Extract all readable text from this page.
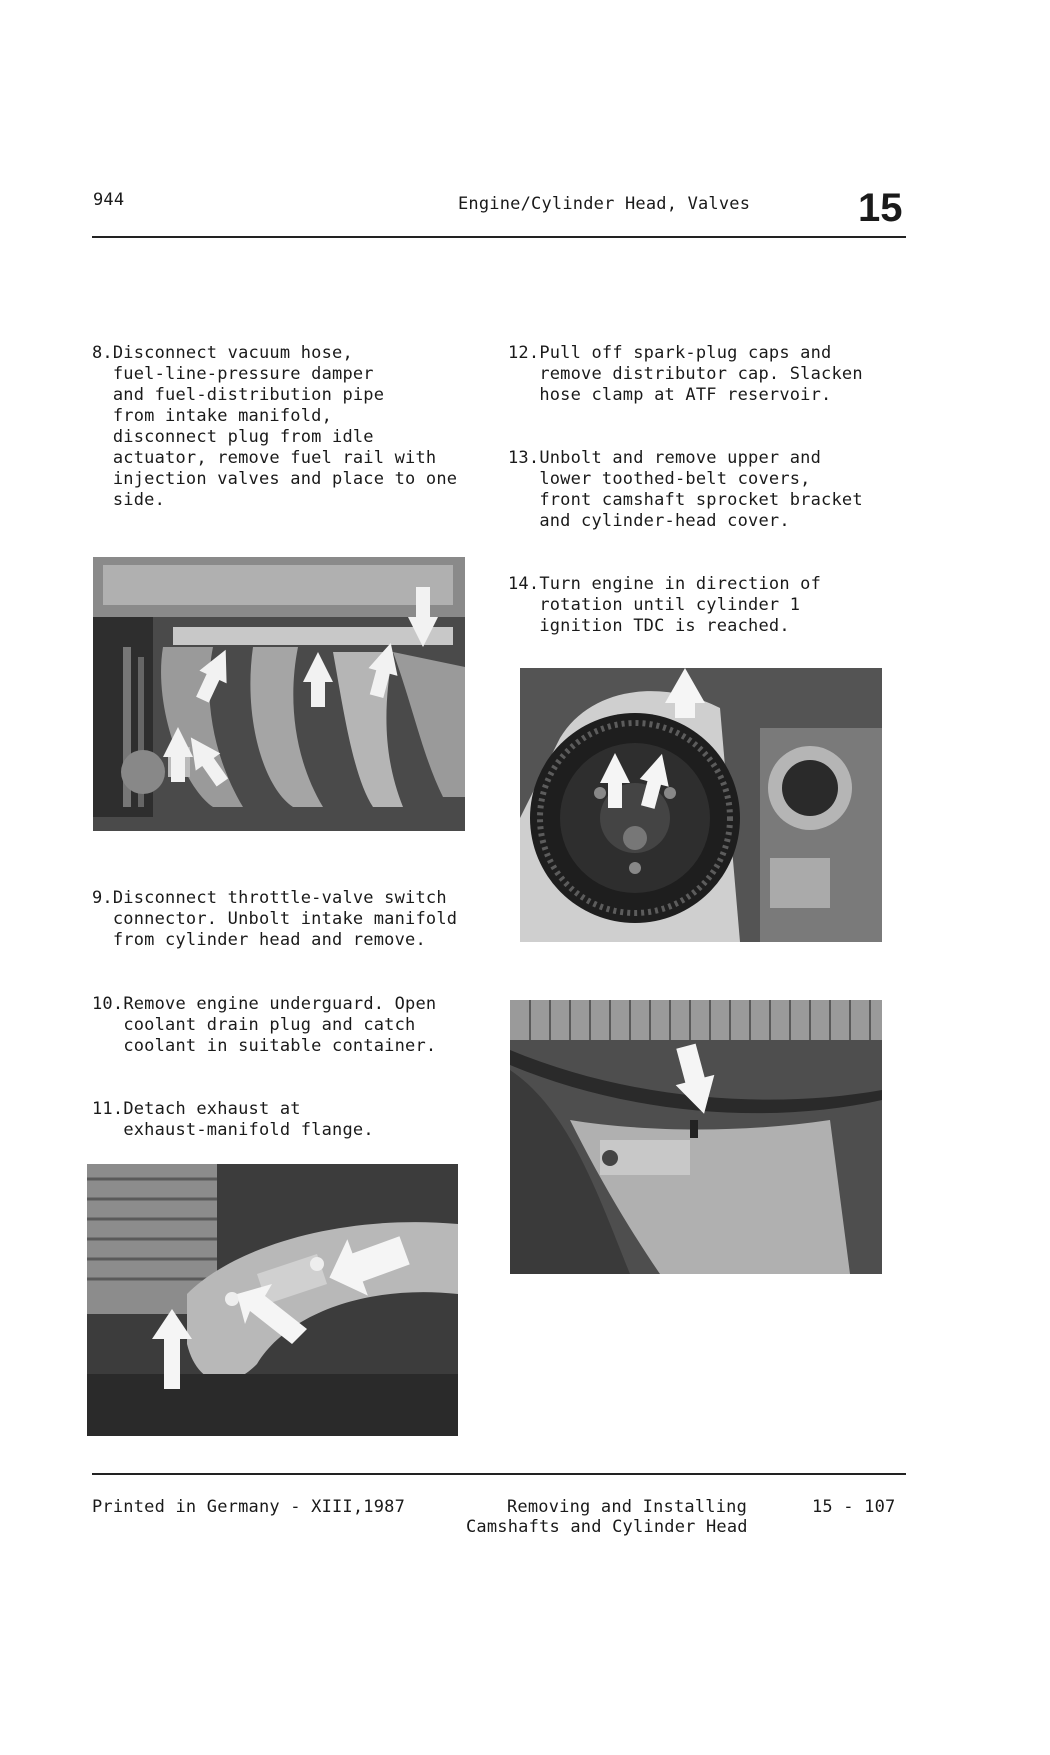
944	Engine/Cylinder Head, Valves	15
8. Disconnect vacuum hose,
fuel-line-pressure damper
and fuel-distribution pipe
from intake manifold,
disconnect plug from idle
actuator, remove fuel rail with
injection valves and place to one
side.
9. Disconnect throttle-valve switch
connector. Unbolt intake manifold
from cylinder head and remove.
10. Remove engine underguard. Open
coolant drain plug and catch
coolant in suitable container.
11. Detach exhaust at
exhaust-manifold flange.
12. Pull off spark-plug caps and
remove distributor cap. Slacken
hose clamp at ATF reservoir.
13. Unbolt and remove upper and
lower toothed-belt covers,
front camshaft sprocket bracket
and cylinder-head cover.
14. Turn engine in direction of
rotation until cylinder 1
ignition TDC is reached.
Printed in Germany - XIII,1987	Removing and Installing
Camshafts and Cylinder Head
15 - 107
